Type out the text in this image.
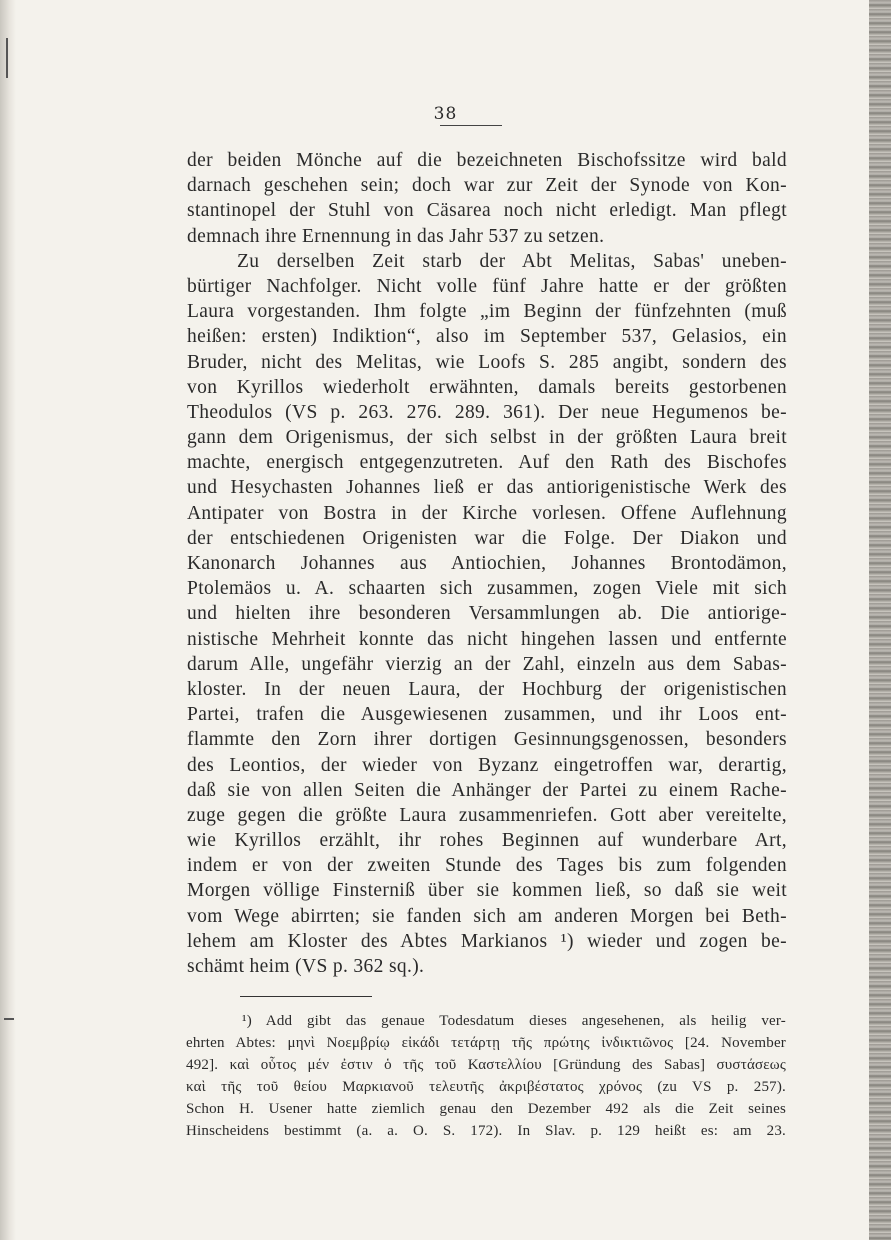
38
der beiden Mönche auf die bezeichneten Bischofssitze wird bald
darnach geschehen sein; doch war zur Zeit der Synode von Kon-
stantinopel der Stuhl von Cäsarea noch nicht erledigt. Man pflegt
demnach ihre Ernennung in das Jahr 537 zu setzen.
Zu derselben Zeit starb der Abt Melitas, Sabas' uneben-
bürtiger Nachfolger. Nicht volle fünf Jahre hatte er der größten
Laura vorgestanden. Ihm folgte „im Beginn der fünfzehnten (muß
heißen: ersten) Indiktion“, also im September 537, Gelasios, ein
Bruder, nicht des Melitas, wie Loofs S. 285 angibt, sondern des
von Kyrillos wiederholt erwähnten, damals bereits gestorbenen
Theodulos (VS p. 263. 276. 289. 361). Der neue Hegumenos be-
gann dem Origenismus, der sich selbst in der größten Laura breit
machte, energisch entgegenzutreten. Auf den Rath des Bischofes
und Hesychasten Johannes ließ er das antiorigenistische Werk des
Antipater von Bostra in der Kirche vorlesen. Offene Auflehnung
der entschiedenen Origenisten war die Folge. Der Diakon und
Kanonarch Johannes aus Antiochien, Johannes Brontodämon,
Ptolemäos u. A. schaarten sich zusammen, zogen Viele mit sich
und hielten ihre besonderen Versammlungen ab. Die antiorige-
nistische Mehrheit konnte das nicht hingehen lassen und entfernte
darum Alle, ungefähr vierzig an der Zahl, einzeln aus dem Sabas-
kloster. In der neuen Laura, der Hochburg der origenistischen
Partei, trafen die Ausgewiesenen zusammen, und ihr Loos ent-
flammte den Zorn ihrer dortigen Gesinnungsgenossen, besonders
des Leontios, der wieder von Byzanz eingetroffen war, derartig,
daß sie von allen Seiten die Anhänger der Partei zu einem Rache-
zuge gegen die größte Laura zusammenriefen. Gott aber vereitelte,
wie Kyrillos erzählt, ihr rohes Beginnen auf wunderbare Art,
indem er von der zweiten Stunde des Tages bis zum folgenden
Morgen völlige Finsterniß über sie kommen ließ, so daß sie weit
vom Wege abirrten; sie fanden sich am anderen Morgen bei Beth-
lehem am Kloster des Abtes Markianos ¹) wieder und zogen be-
schämt heim (VS p. 362 sq.).
¹) Add gibt das genaue Todesdatum dieses angesehenen, als heilig ver-
ehrten Abtes: μηνὶ Νοεμβρίῳ εἰκάδι τετάρτῃ τῆς πρώτης ἰνδικτιῶνος [24. November
492]. καὶ οὗτος μέν ἐστιν ὁ τῆς τοῦ Καστελλίου [Gründung des Sabas] συστάσεως
καὶ τῆς τοῦ θείου Μαρκιανοῦ τελευτῆς ἀκριβέστατος χρόνος (zu VS p. 257).
Schon H. Usener hatte ziemlich genau den Dezember 492 als die Zeit seines
Hinscheidens bestimmt (a. a. O. S. 172). In Slav. p. 129 heißt es: am 23.
